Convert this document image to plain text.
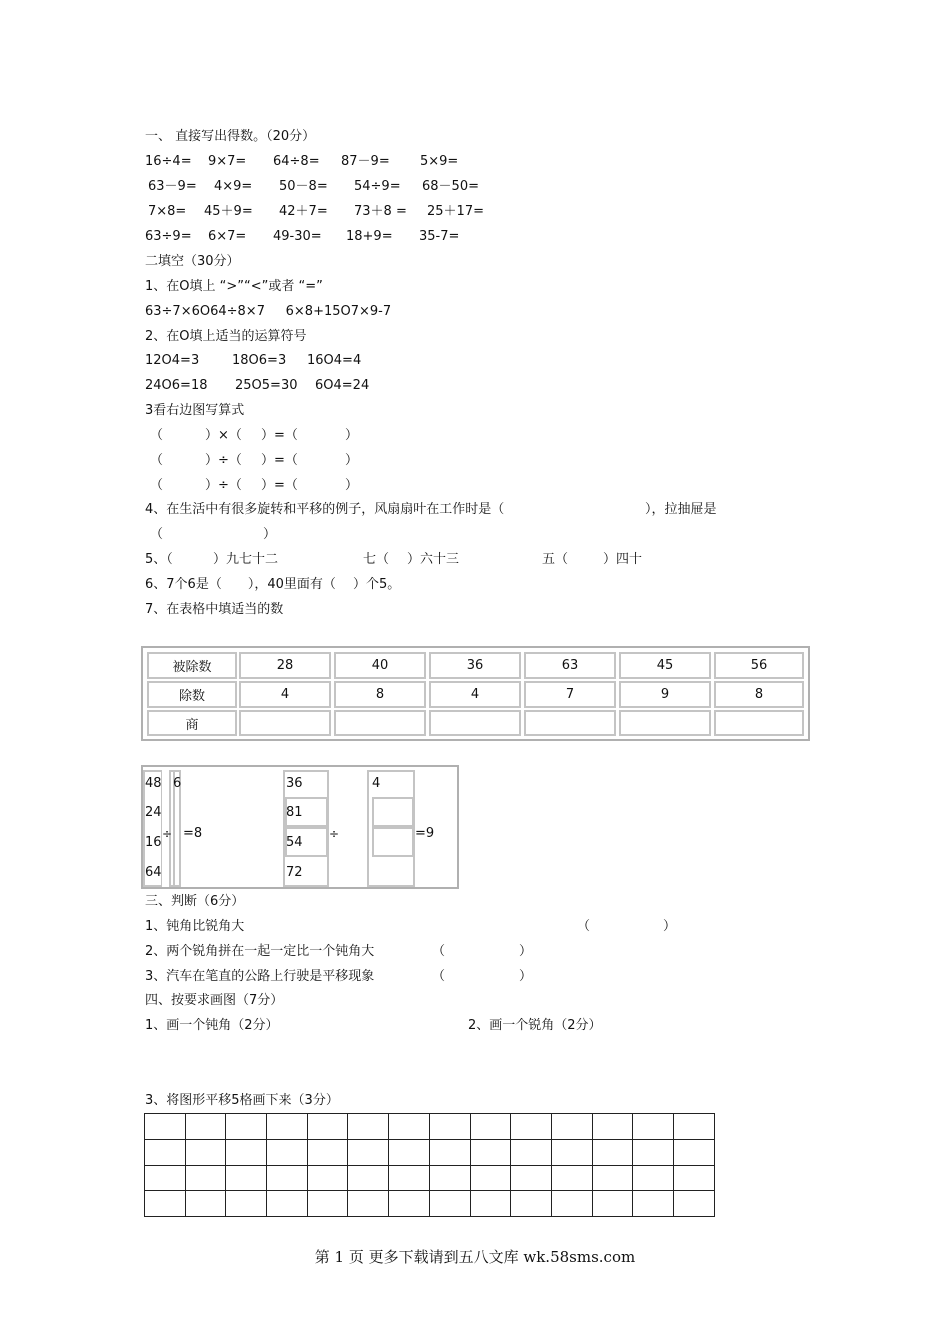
一、 直接写出得数。（20分）
16÷4= 9×7= 64÷8= 87－9= 5×9=
63－9= 4×9= 50－8= 54÷9= 68－50=
7×8= 45＋9= 42＋7= 73＋8 = 25＋17=
63÷9= 6×7= 49-30= 18+9= 35-7=
二填空（30分）
1、在O填上 “>”“<”或者 “=”
63÷7×6O64÷8×7     6×8+15O7×9-7
2、在O填上适当的运算符号
12O4=3	18O6=3 16O4=4
24O6=18 25O5=30 6O4=24
3看右边图写算式
（	）×（ ）=（	）
（	）÷（ ）=（	）
（	）÷（ ）=（	）
4、在生活中有很多旋转和平移的例子，风扇扇叶在工作时是（	），拉抽屉是
（	）
5、（	）九七十二	七（ ）六十三	五（	）四十
6、7个6是（　　），40里面有（　 ）个5。
7、在表格中填适当的数
被除数	28	40	36	63	45	56
除数	4	8	4	7	9	8
商
48
24
16
64
÷
6
=8
36
81
54
72
÷
4
=9
三、判断（6分）
1、钝角比锐角大	（	）
2、两个锐角拼在一起一定比一个钝角大	（	）
3、汽车在笔直的公路上行驶是平移现象	（	）
四、按要求画图（7分）
1、画一个钝角（2分）	2、画一个锐角（2分）
3、将图形平移5格画下来（3分）

第 1 页 更多下载请到五八文库 wk.58sms.com
